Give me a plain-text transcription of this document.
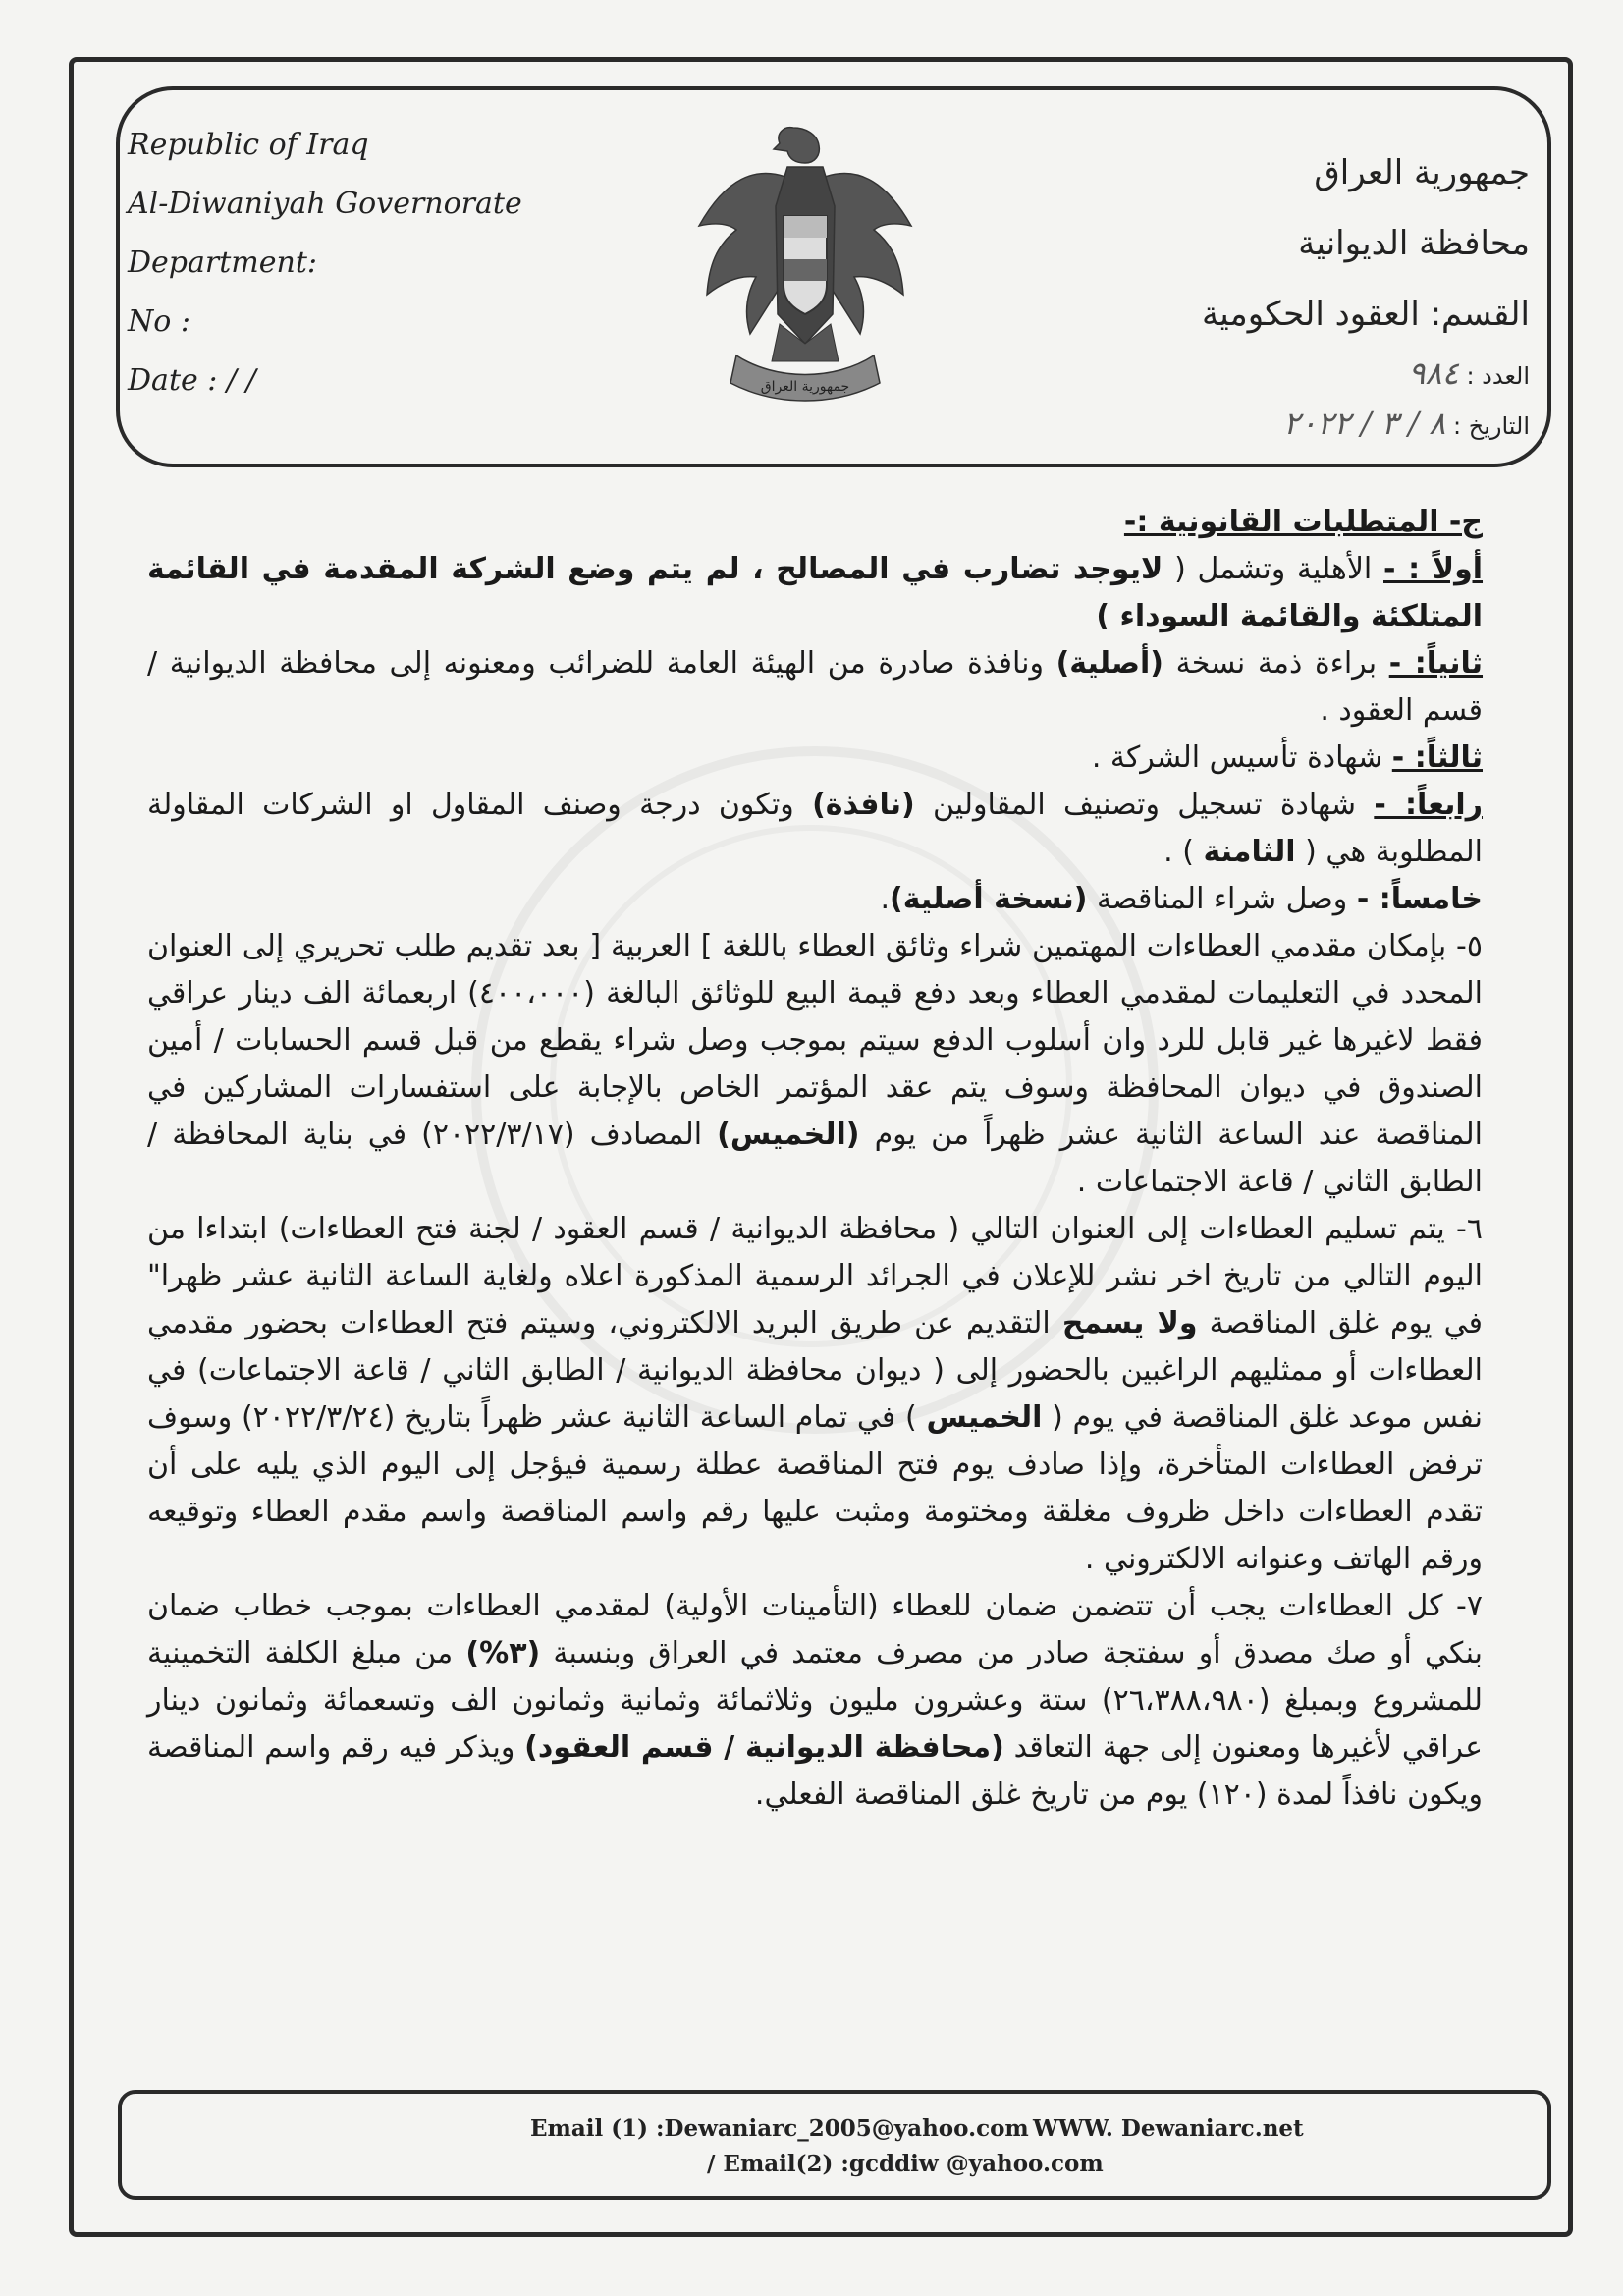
Republic of Iraq
Al-Diwaniyah Governorate
Department:
No :
Date : / /	جمهورية العراق
جمهورية العراق
محافظة الديوانية
القسم: العقود الحكومية
العدد : ٩٨٤
التاريخ : ٨ / ٣ / ٢٠٢٢

ج- المتطلبات القانونية :-

أولاً : - الأهلية وتشمل ( لايوجد تضارب في المصالح ، لم يتم وضع الشركة المقدمة في القائمة المتلكئة والقائمة السوداء )

ثانياً: - براءة ذمة نسخة (أصلية) ونافذة صادرة من الهيئة العامة للضرائب ومعنونه إلى محافظة الديوانية / قسم العقود .

ثالثاً: - شهادة تأسيس الشركة .

رابعاً: - شهادة تسجيل وتصنيف المقاولين (نافذة) وتكون درجة وصنف المقاول او الشركات المقاولة المطلوبة هي ( الثامنة ) .

خامساً: - وصل شراء المناقصة (نسخة أصلية).

٥- بإمكان مقدمي العطاءات المهتمين شراء وثائق العطاء باللغة ] العربية [ بعد تقديم طلب تحريري إلى العنوان المحدد في التعليمات لمقدمي العطاء وبعد دفع قيمة البيع للوثائق البالغة (٤٠٠،٠٠٠) اربعمائة الف دينار عراقي فقط لاغيرها غير قابل للرد وان أسلوب الدفع سيتم بموجب وصل شراء يقطع من قبل قسم الحسابات / أمين الصندوق في ديوان المحافظة وسوف يتم عقد المؤتمر الخاص بالإجابة على استفسارات المشاركين في المناقصة عند الساعة الثانية عشر ظهراً من يوم (الخميس) المصادف (٢٠٢٢/٣/١٧) في بناية المحافظة / الطابق الثاني / قاعة الاجتماعات .

٦- يتم تسليم العطاءات إلى العنوان التالي ( محافظة الديوانية / قسم العقود / لجنة فتح العطاءات) ابتداءا من اليوم التالي من تاريخ اخر نشر للإعلان في الجرائد الرسمية المذكورة اعلاه ولغاية الساعة الثانية عشر ظهرا" في يوم غلق المناقصة ولا يسمح التقديم عن طريق البريد الالكتروني، وسيتم فتح العطاءات بحضور مقدمي العطاءات أو ممثليهم الراغبين بالحضور إلى ( ديوان محافظة الديوانية / الطابق الثاني / قاعة الاجتماعات) في نفس موعد غلق المناقصة في يوم ( الخميس ) في تمام الساعة الثانية عشر ظهراً بتاريخ (٢٠٢٢/٣/٢٤) وسوف ترفض العطاءات المتأخرة، وإذا صادف يوم فتح المناقصة عطلة رسمية فيؤجل إلى اليوم الذي يليه على أن تقدم العطاءات داخل ظروف مغلقة ومختومة ومثبت عليها رقم واسم المناقصة واسم مقدم العطاء وتوقيعه ورقم الهاتف وعنوانه الالكتروني .

٧- كل العطاءات يجب أن تتضمن ضمان للعطاء (التأمينات الأولية) لمقدمي العطاءات بموجب خطاب ضمان بنكي أو صك مصدق أو سفتجة صادر من مصرف معتمد في العراق وبنسبة (٣%) من مبلغ الكلفة التخمينية للمشروع وبمبلغ (٢٦،٣٨٨،٩٨٠) ستة وعشرون مليون وثلاثمائة وثمانية وثمانون الف وتسعمائة وثمانون دينار عراقي لأغيرها ومعنون إلى جهة التعاقد (محافظة الديوانية / قسم العقود) ويذكر فيه رقم واسم المناقصة ويكون نافذاً لمدة (١٢٠) يوم من تاريخ غلق المناقصة الفعلي.

Email (1) :Dewaniarc_2005@yahoo.com
/ Email(2) :gcddiw @yahoo.com
WWW. Dewaniarc.net
